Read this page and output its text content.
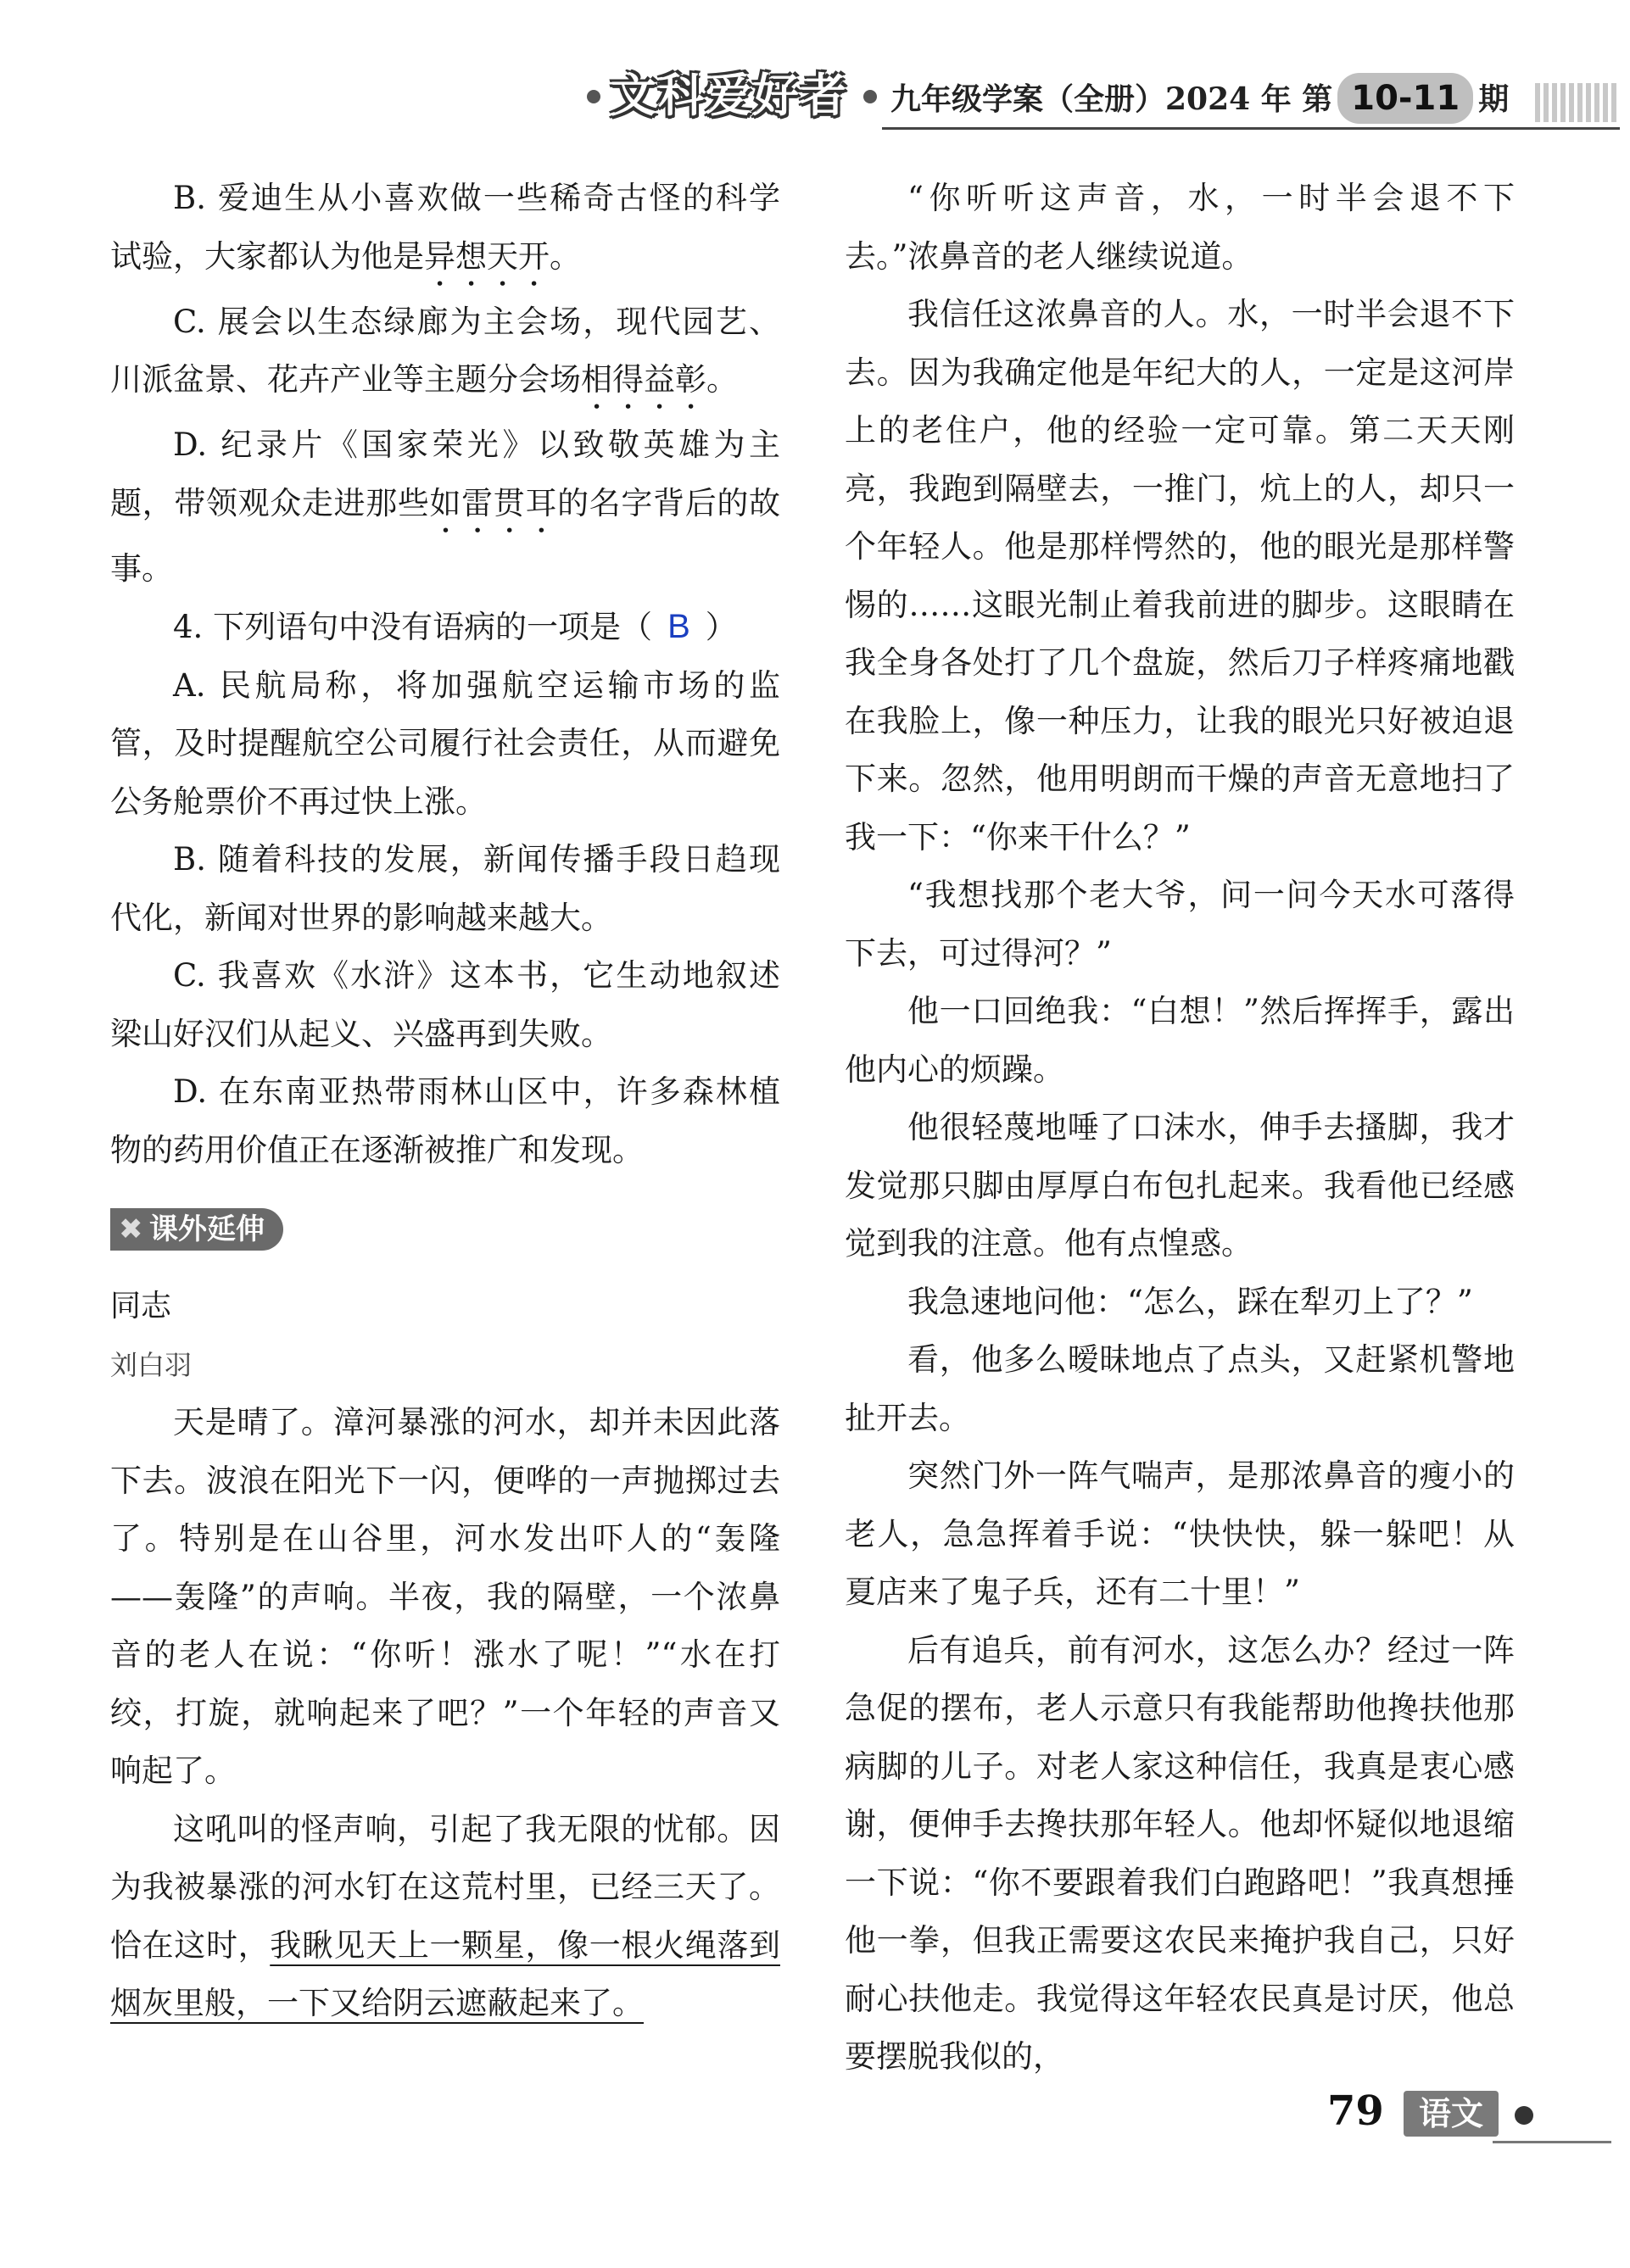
文科爱好者 九年级学案（全册）2024 年 第 10-11 期

B. 爱迪生从小喜欢做一些稀奇古怪的科学试验，大家都认为他是异想天开。

C. 展会以生态绿廊为主会场，现代园艺、川派盆景、花卉产业等主题分会场相得益彰。

D. 纪录片《国家荣光》以致敬英雄为主题，带领观众走进那些如雷贯耳的名字背后的故事。

4. 下列语句中没有语病的一项是（ B ）

A. 民航局称，将加强航空运输市场的监管，及时提醒航空公司履行社会责任，从而避免公务舱票价不再过快上涨。

B. 随着科技的发展，新闻传播手段日趋现代化，新闻对世界的影响越来越大。

C. 我喜欢《水浒》这本书，它生动地叙述梁山好汉们从起义、兴盛再到失败。

D. 在东南亚热带雨林山区中，许多森林植物的药用价值正在逐渐被推广和发现。

✖ 课外延伸

同志

刘白羽

天是晴了。漳河暴涨的河水，却并未因此落下去。波浪在阳光下一闪，便哗的一声抛掷过去了。特别是在山谷里，河水发出吓人的“轰隆——轰隆”的声响。半夜，我的隔壁，一个浓鼻音的老人在说：“你听！涨水了呢！”“水在打绞，打旋，就响起来了吧？”一个年轻的声音又响起了。

这吼叫的怪声响，引起了我无限的忧郁。因为我被暴涨的河水钉在这荒村里，已经三天了。恰在这时，我瞅见天上一颗星，像一根火绳落到烟灰里般，一下又给阴云遮蔽起来了。

“你听听这声音，水，一时半会退不下去。”浓鼻音的老人继续说道。

我信任这浓鼻音的人。水，一时半会退不下去。因为我确定他是年纪大的人，一定是这河岸上的老住户，他的经验一定可靠。第二天天刚亮，我跑到隔壁去，一推门，炕上的人，却只一个年轻人。他是那样愕然的，他的眼光是那样警惕的……这眼光制止着我前进的脚步。这眼睛在我全身各处打了几个盘旋，然后刀子样疼痛地戳在我脸上，像一种压力，让我的眼光只好被迫退下来。忽然，他用明朗而干燥的声音无意地扫了我一下：“你来干什么？”

“我想找那个老大爷，问一问今天水可落得下去，可过得河？”

他一口回绝我：“白想！”然后挥挥手，露出他内心的烦躁。

他很轻蔑地唾了口沫水，伸手去搔脚，我才发觉那只脚由厚厚白布包扎起来。我看他已经感觉到我的注意。他有点惶惑。

我急速地问他：“怎么，踩在犁刃上了？”

看，他多么暧昧地点了点头，又赶紧机警地扯开去。

突然门外一阵气喘声，是那浓鼻音的瘦小的老人，急急挥着手说：“快快快，躲一躲吧！从夏店来了鬼子兵，还有二十里！”

后有追兵，前有河水，这怎么办？经过一阵急促的摆布，老人示意只有我能帮助他搀扶他那病脚的儿子。对老人家这种信任，我真是衷心感谢，便伸手去搀扶那年轻人。他却怀疑似地退缩一下说：“你不要跟着我们白跑路吧！”我真想捶他一拳，但我正需要这农民来掩护我自己，只好耐心扶他走。我觉得这年轻农民真是讨厌，他总要摆脱我似的，

79	语文
